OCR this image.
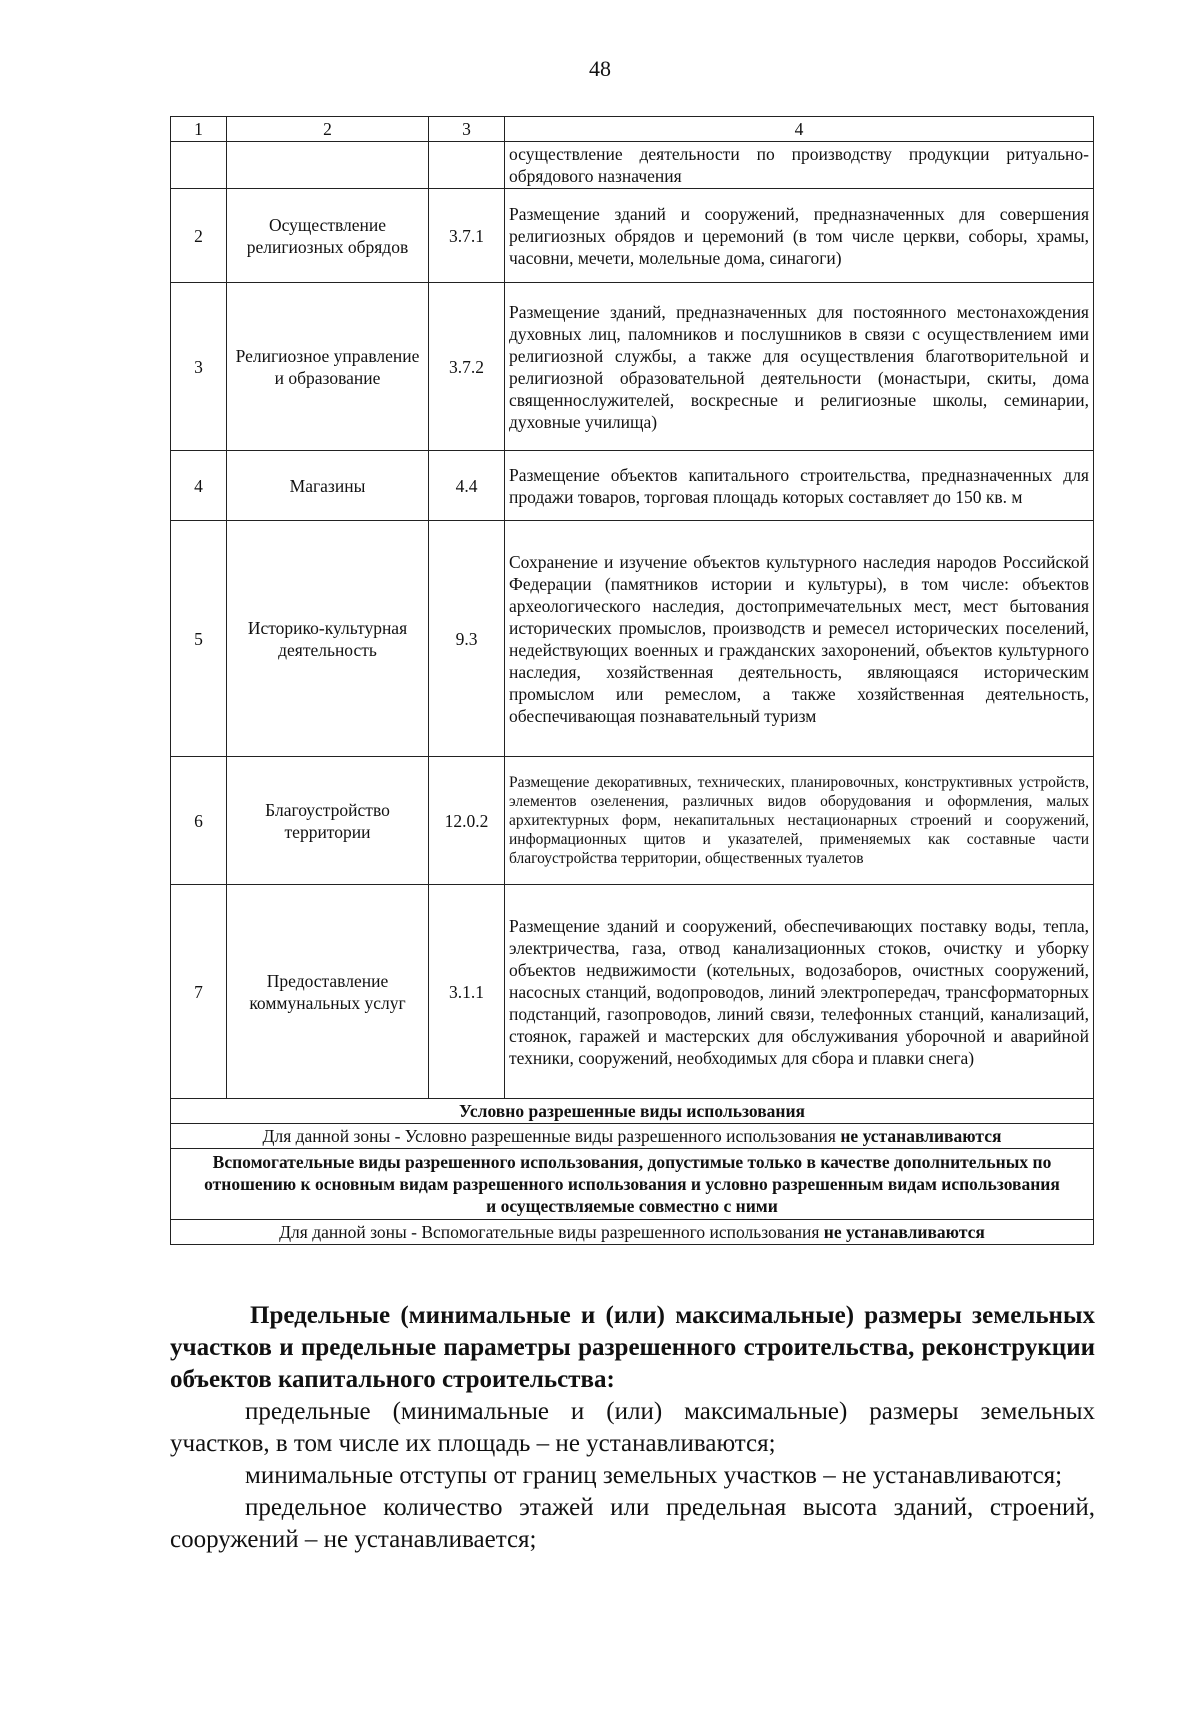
48
1	2	3	4
			осуществление деятельности по производству продукции ритуально-обрядового назначения
2	Осуществление религиозных обрядов	3.7.1	Размещение зданий и сооружений, предназначенных для совершения религиозных обрядов и церемоний (в том числе церкви, соборы, храмы, часовни, мечети, молельные дома, синагоги)
3	Религиозное управление и образование	3.7.2	Размещение зданий, предназначенных для постоянного местонахождения духовных лиц, паломников и послушников в связи с осуществлением ими религиозной службы, а также для осуществления благотворительной и религиозной образовательной деятельности (монастыри, скиты, дома священнослужителей, воскресные и религиозные школы, семинарии, духовные училища)
4	Магазины	4.4	Размещение объектов капитального строительства, предназначенных для продажи товаров, торговая площадь которых составляет до 150 кв. м
5	Историко-культурная деятельность	9.3	Сохранение и изучение объектов культурного наследия народов Российской Федерации (памятников истории и культуры), в том числе: объектов археологического наследия, достопримечательных мест, мест бытования исторических промыслов, производств и ремесел исторических поселений, недействующих военных и гражданских захоронений, объектов культурного наследия, хозяйственная деятельность, являющаяся историческим промыслом или ремеслом, а также хозяйственная деятельность, обеспечивающая познавательный туризм
6	Благоустройство территории	12.0.2	Размещение декоративных, технических, планировочных, конструктивных устройств, элементов озеленения, различных видов оборудования и оформления, малых архитектурных форм, некапитальных нестационарных строений и сооружений, информационных щитов и указателей, применяемых как составные части благоустройства территории, общественных туалетов
7	Предоставление коммунальных услуг	3.1.1	Размещение зданий и сооружений, обеспечивающих поставку воды, тепла, электричества, газа, отвод канализационных стоков, очистку и уборку объектов недвижимости (котельных, водозаборов, очистных сооружений, насосных станций, водопроводов, линий электропередач, трансформаторных подстанций, газопроводов, линий связи, телефонных станций, канализаций, стоянок, гаражей и мастерских для обслуживания уборочной и аварийной техники, сооружений, необходимых для сбора и плавки снега)
Условно разрешенные виды использования			
Для данной зоны - Условно разрешенные виды разрешенного использования не устанавливаются			
Вспомогательные виды разрешенного использования, допустимые только в качестве дополнительных по отношению к основным видам разрешенного использования и условно разрешенным видам использования и осуществляемые совместно с ними			
Для данной зоны - Вспомогательные виды разрешенного использования не устанавливаются			

Предельные (минимальные и (или) максимальные) размеры земельных участков и предельные параметры разрешенного строительства, реконструкции объектов капитального строительства:

предельные (минимальные и (или) максимальные) размеры земельных участков, в том числе их площадь – не устанавливаются;

минимальные отступы от границ земельных участков – не устанавливаются;

предельное количество этажей или предельная высота зданий, строений, сооружений – не устанавливается;
